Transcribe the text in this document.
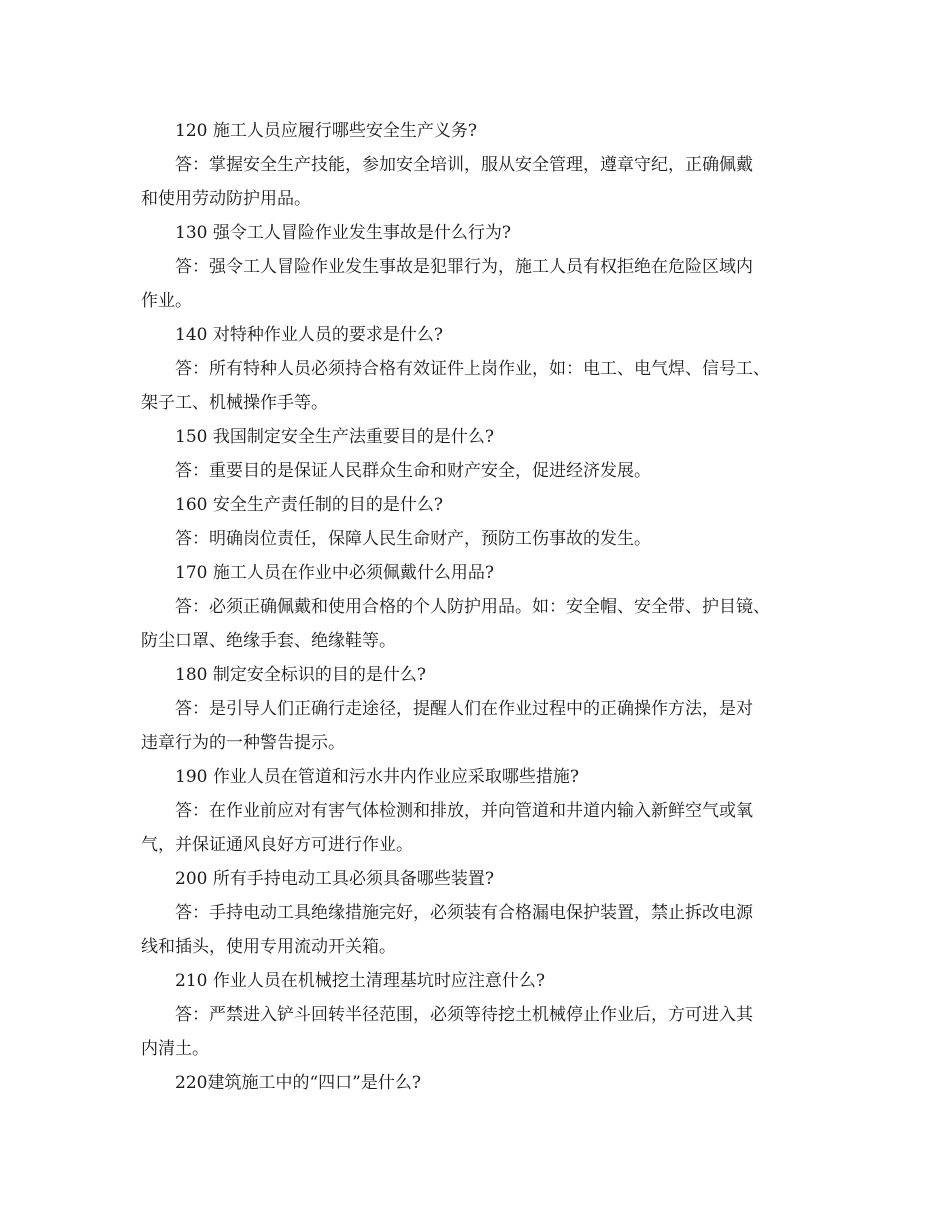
120 施工人员应履行哪些安全生产义务?
答：掌握安全生产技能，参加安全培训，服从安全管理，遵章守纪，正确佩戴
和使用劳动防护用品。
130 强令工人冒险作业发生事故是什么行为?
答：强令工人冒险作业发生事故是犯罪行为，施工人员有权拒绝在危险区域内
作业。
140 对特种作业人员的要求是什么?
答：所有特种人员必须持合格有效证件上岗作业，如：电工、电气焊、信号工、
架子工、机械操作手等。
150 我国制定安全生产法重要目的是什么?
答：重要目的是保证人民群众生命和财产安全，促进经济发展。
160 安全生产责任制的目的是什么?
答：明确岗位责任，保障人民生命财产，预防工伤事故的发生。
170 施工人员在作业中必须佩戴什么用品?
答：必须正确佩戴和使用合格的个人防护用品。如：安全帽、安全带、护目镜、
防尘口罩、绝缘手套、绝缘鞋等。
180 制定安全标识的目的是什么?
答：是引导人们正确行走途径，提醒人们在作业过程中的正确操作方法，是对
违章行为的一种警告提示。
190 作业人员在管道和污水井内作业应采取哪些措施?
答：在作业前应对有害气体检测和排放，并向管道和井道内输入新鲜空气或氧
气，并保证通风良好方可进行作业。
200 所有手持电动工具必须具备哪些装置?
答：手持电动工具绝缘措施完好，必须装有合格漏电保护装置，禁止拆改电源
线和插头，使用专用流动开关箱。
210 作业人员在机械挖土清理基坑时应注意什么?
答：严禁进入铲斗回转半径范围，必须等待挖土机械停止作业后，方可进入其
内清土。
220建筑施工中的“四口”是什么?
